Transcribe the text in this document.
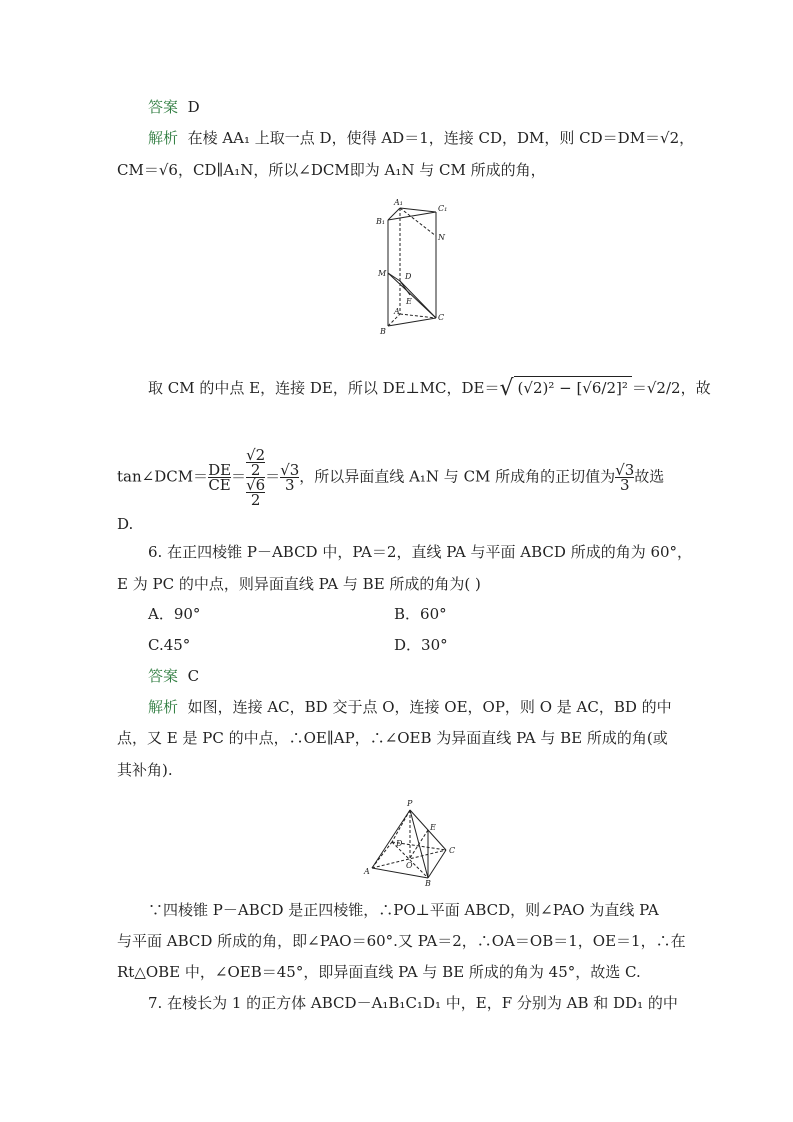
答案 D
解析 在棱 AA₁ 上取一点 D，使得 AD＝1，连接 CD，DM，则 CD＝DM＝√2，
CM＝√6，CD∥A₁N，所以∠DCM即为 A₁N 与 CM 所成的角，
A₁
C₁
B₁
N
M D
E
A
C
B
取 CM 的中点 E，连接 DE，所以 DE⊥MC，DE＝√ (√2)² − [√6/2]² ＝√2/2，故
tan∠DCM＝ $\frac{DE}{CE} = √2$
2
√6
$2 = \frac{√3}{3}$ ，所以异面直线 A₁N 与 CM 所成角的正切值为 $\frac{√3}{3}$ 故选
D.
6. 在正四棱锥 P－ABCD 中，PA＝2，直线 PA 与平面 ABCD 所成的角为 60°，
E 为 PC 的中点，则异面直线 PA 与 BE 所成的角为( )
A．90°	B．60°
C.45°	D．30°
答案 C
解析 如图，连接 AC，BD 交于点 O，连接 OE，OP，则 O 是 AC，BD 的中
点，又 E 是 PC 的中点，∴OE∥AP，∴∠OEB 为异面直线 PA 与 BE 所成的角(或
其补角).
P
E
D
C
O
A
B
∵四棱锥 P－ABCD 是正四棱锥，∴PO⊥平面 ABCD，则∠PAO 为直线 PA
与平面 ABCD 所成的角，即∠PAO＝60°.又 PA＝2，∴OA＝OB＝1，OE＝1，∴在
Rt△OBE 中，∠OEB＝45°，即异面直线 PA 与 BE 所成的角为 45°，故选 C.
7. 在棱长为 1 的正方体 ABCD－A₁B₁C₁D₁ 中，E，F 分别为 AB 和 DD₁ 的中
